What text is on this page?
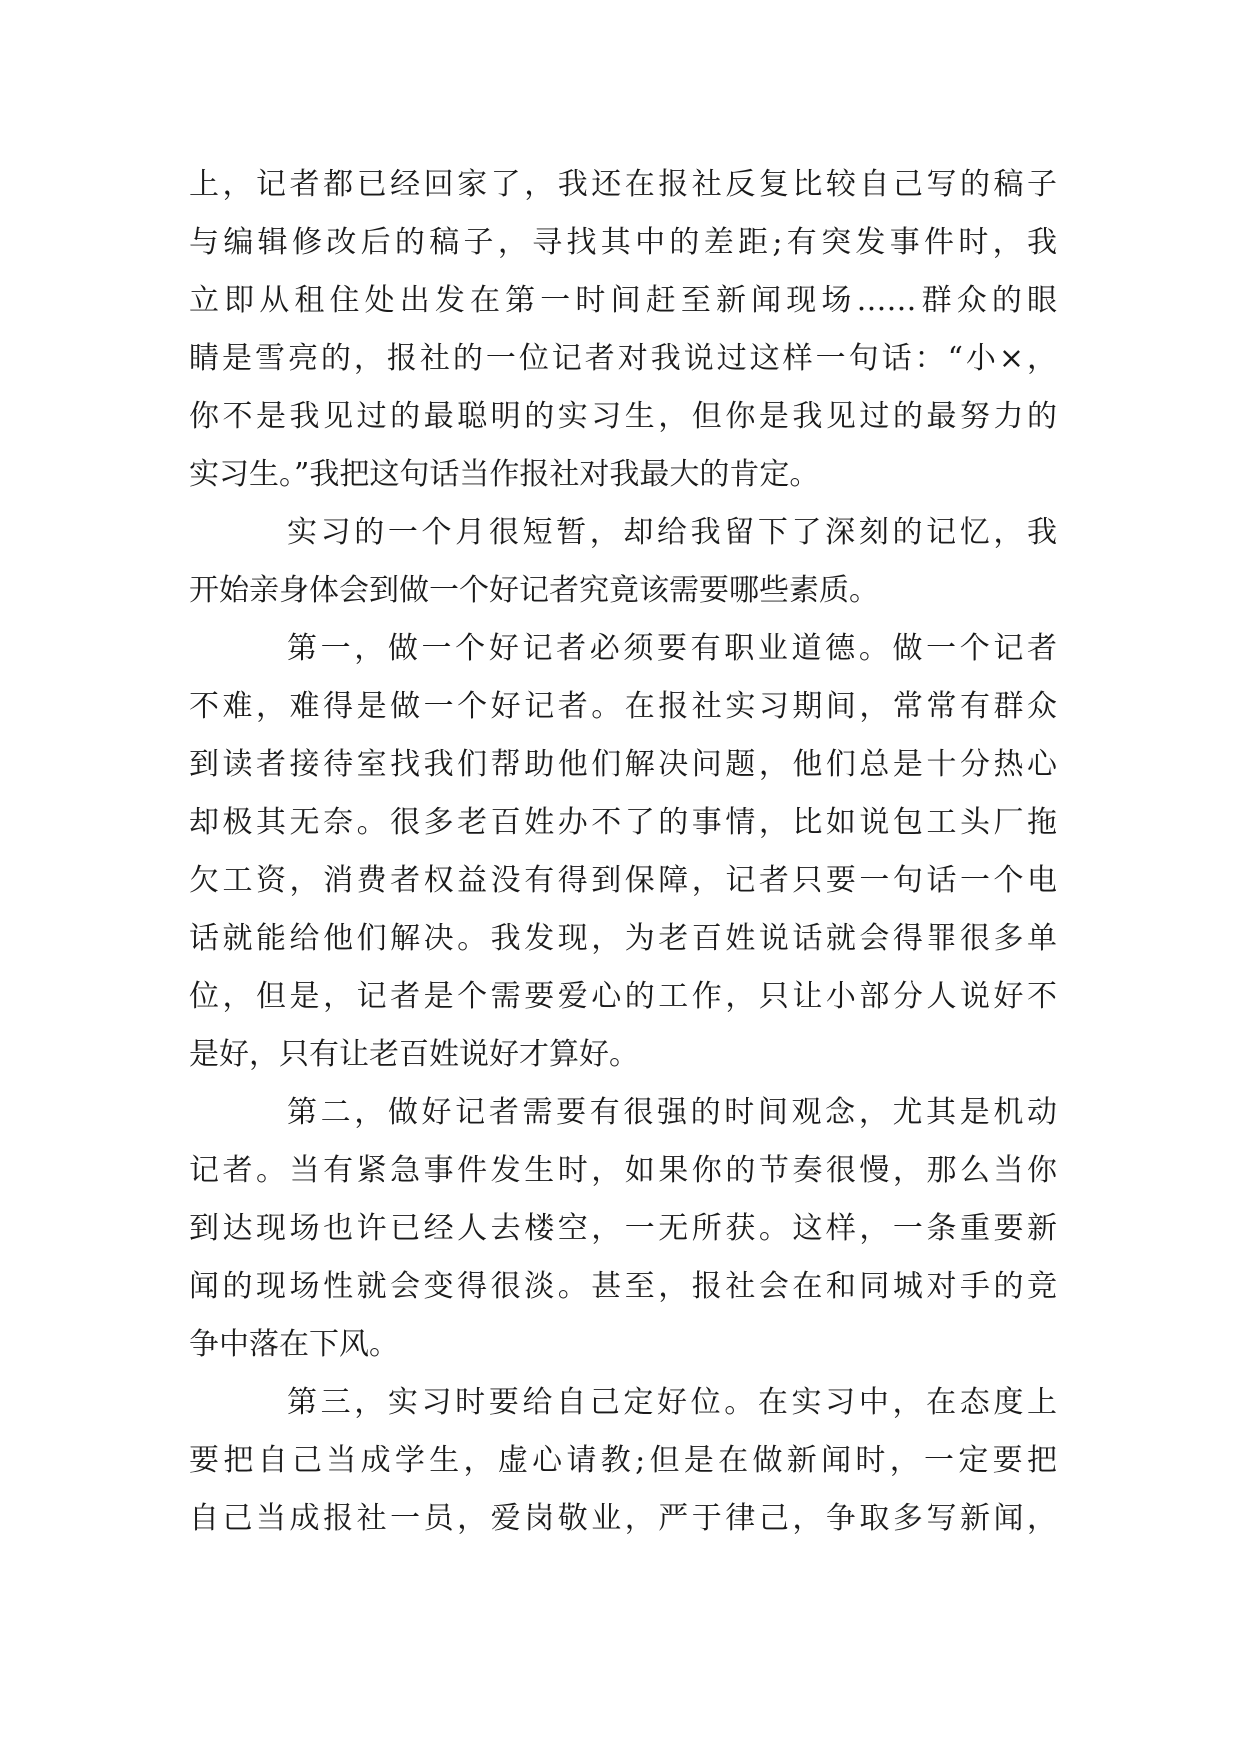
上，记者都已经回家了，我还在报社反复比较自己写的稿子
与编辑修改后的稿子，寻找其中的差距;有突发事件时，我
立即从租住处出发在第一时间赶至新闻现场……群众的眼
睛是雪亮的，报社的一位记者对我说过这样一句话：“小×，
你不是我见过的最聪明的实习生，但你是我见过的最努力的
实习生。”我把这句话当作报社对我最大的肯定。
实习的一个月很短暂，却给我留下了深刻的记忆，我
开始亲身体会到做一个好记者究竟该需要哪些素质。
第一，做一个好记者必须要有职业道德。做一个记者
不难，难得是做一个好记者。在报社实习期间，常常有群众
到读者接待室找我们帮助他们解决问题，他们总是十分热心
却极其无奈。很多老百姓办不了的事情，比如说包工头厂拖
欠工资，消费者权益没有得到保障，记者只要一句话一个电
话就能给他们解决。我发现，为老百姓说话就会得罪很多单
位，但是，记者是个需要爱心的工作，只让小部分人说好不
是好，只有让老百姓说好才算好。
第二，做好记者需要有很强的时间观念，尤其是机动
记者。当有紧急事件发生时，如果你的节奏很慢，那么当你
到达现场也许已经人去楼空，一无所获。这样，一条重要新
闻的现场性就会变得很淡。甚至，报社会在和同城对手的竞
争中落在下风。
第三，实习时要给自己定好位。在实习中，在态度上
要把自己当成学生，虚心请教;但是在做新闻时，一定要把
自己当成报社一员，爱岗敬业，严于律己，争取多写新闻，
